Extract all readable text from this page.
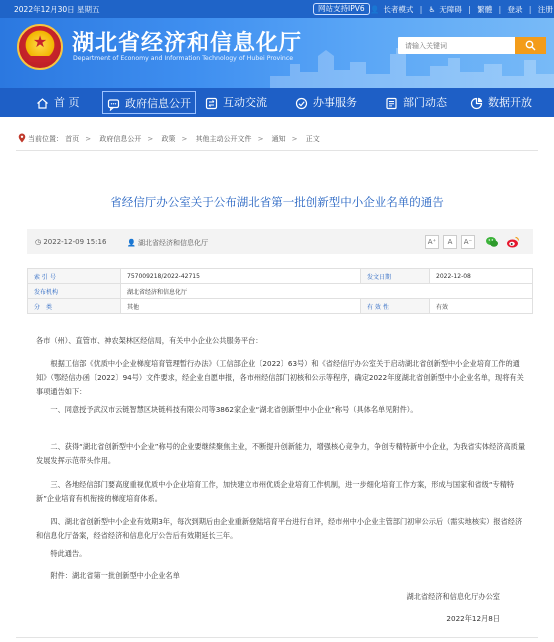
2022年12月30日 星期五	网站支持IPV6 👤 长者模式 | ♿ 无障碍 | 繁體 | 登录 | 注册
★	湖北省经济和信息化厅
Department of Economy and Information Technology of Hubei Province
请输入关键词
首 页	政府信息公开	互动交流	办事服务	部门动态	数据开放
当前位置： 首页 > 政府信息公开 > 政策 > 其他主动公开文件 > 通知 > 正文
省经信厅办公室关于公布湖北省第一批创新型中小企业名单的通告
◷ 2022-12-09 15:16	👤 湖北省经济和信息化厅	A⁺	A	A⁻
索 引 号	757009218/2022-42715	发文日期	2022-12-08
发布机构	湖北省经济和信息化厅		
分　类	其他	有 效 性	有效

各市（州）、直管市、神农架林区经信局，有关中小企业公共服务平台：

根据工信部《优质中小企业梯度培育管理暂行办法》（工信部企业〔2022〕63号）和《省经信厅办公室关于启动湖北省创新型中小企业培育工作的通知》（鄂经信办函〔2022〕94号）文件要求，经企业自愿申报，各市州经信部门初核和公示等程序，确定2022年度湖北省创新型中小企业名单，现将有关事项通告如下：

一、同意授予武汉市云链智慧区块链科技有限公司等3862家企业“湖北省创新型中小企业”称号（具体名单见附件）。

二、获得“湖北省创新型中小企业”称号的企业要继续聚焦主业，不断提升创新能力，增强核心竞争力，争创专精特新中小企业，为我省实体经济高质量发展发挥示范带头作用。

三、各地经信部门要高度重视优质中小企业培育工作，加快建立市州优质企业培育工作机制，进一步细化培育工作方案，形成与国家和省级“专精特新”企业培育有机衔接的梯度培育体系。

四、湖北省创新型中小企业有效期3年，每次到期后由企业重新登陆培育平台进行自评，经市州中小企业主管部门初审公示后（需实地核实）报省经济和信息化厅备案，经省经济和信息化厅公告后有效期延长三年。

特此通告。

附件：湖北省第一批创新型中小企业名单

湖北省经济和信息化厅办公室
2022年12月8日
